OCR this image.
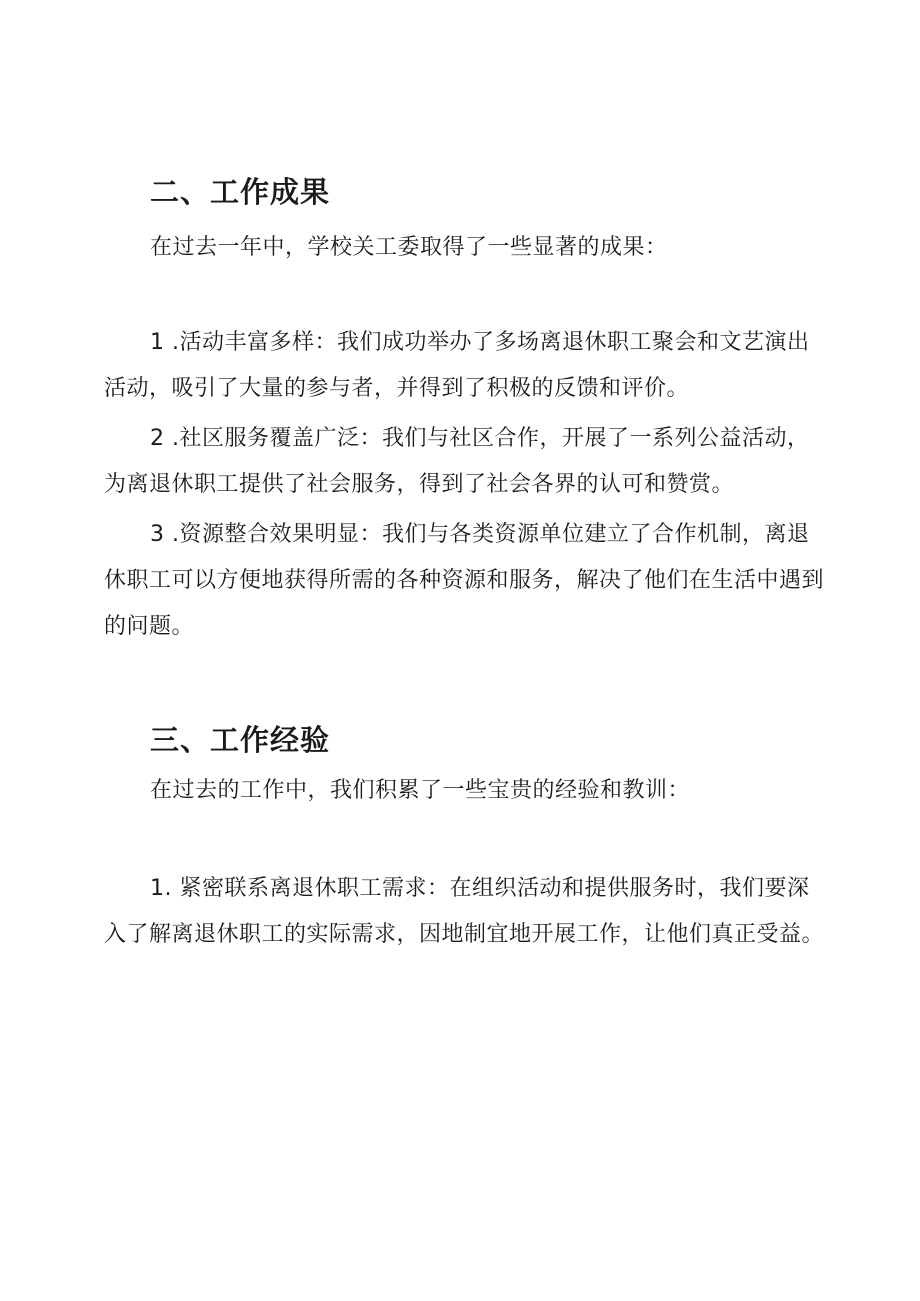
二、工作成果

在过去一年中，学校关工委取得了一些显著的成果：

1 .活动丰富多样：我们成功举办了多场离退休职工聚会和文艺演出活动，吸引了大量的参与者，并得到了积极的反馈和评价。

2 .社区服务覆盖广泛：我们与社区合作，开展了一系列公益活动，为离退休职工提供了社会服务，得到了社会各界的认可和赞赏。

3 .资源整合效果明显：我们与各类资源单位建立了合作机制，离退休职工可以方便地获得所需的各种资源和服务，解决了他们在生活中遇到的问题。

三、工作经验

在过去的工作中，我们积累了一些宝贵的经验和教训：

1. 紧密联系离退休职工需求：在组织活动和提供服务时，我们要深入了解离退休职工的实际需求，因地制宜地开展工作，让他们真正受益。
